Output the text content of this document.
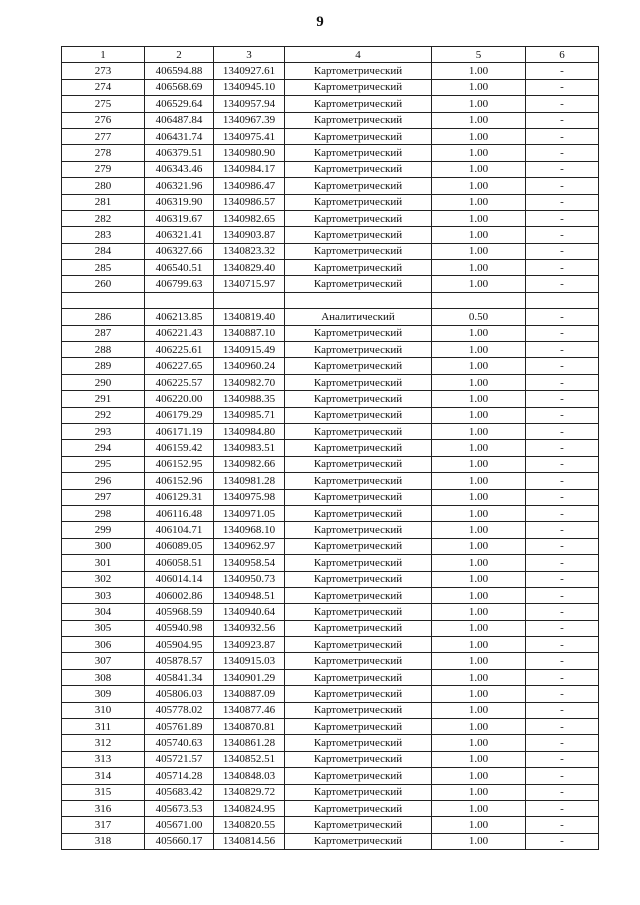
9
1	2	3	4	5	6
273	406594.88	1340927.61	Картометрический	1.00	-
274	406568.69	1340945.10	Картометрический	1.00	-
275	406529.64	1340957.94	Картометрический	1.00	-
276	406487.84	1340967.39	Картометрический	1.00	-
277	406431.74	1340975.41	Картометрический	1.00	-
278	406379.51	1340980.90	Картометрический	1.00	-
279	406343.46	1340984.17	Картометрический	1.00	-
280	406321.96	1340986.47	Картометрический	1.00	-
281	406319.90	1340986.57	Картометрический	1.00	-
282	406319.67	1340982.65	Картометрический	1.00	-
283	406321.41	1340903.87	Картометрический	1.00	-
284	406327.66	1340823.32	Картометрический	1.00	-
285	406540.51	1340829.40	Картометрический	1.00	-
260	406799.63	1340715.97	Картометрический	1.00	-

286	406213.85	1340819.40	Аналитический	0.50	-
287	406221.43	1340887.10	Картометрический	1.00	-
288	406225.61	1340915.49	Картометрический	1.00	-
289	406227.65	1340960.24	Картометрический	1.00	-
290	406225.57	1340982.70	Картометрический	1.00	-
291	406220.00	1340988.35	Картометрический	1.00	-
292	406179.29	1340985.71	Картометрический	1.00	-
293	406171.19	1340984.80	Картометрический	1.00	-
294	406159.42	1340983.51	Картометрический	1.00	-
295	406152.95	1340982.66	Картометрический	1.00	-
296	406152.96	1340981.28	Картометрический	1.00	-
297	406129.31	1340975.98	Картометрический	1.00	-
298	406116.48	1340971.05	Картометрический	1.00	-
299	406104.71	1340968.10	Картометрический	1.00	-
300	406089.05	1340962.97	Картометрический	1.00	-
301	406058.51	1340958.54	Картометрический	1.00	-
302	406014.14	1340950.73	Картометрический	1.00	-
303	406002.86	1340948.51	Картометрический	1.00	-
304	405968.59	1340940.64	Картометрический	1.00	-
305	405940.98	1340932.56	Картометрический	1.00	-
306	405904.95	1340923.87	Картометрический	1.00	-
307	405878.57	1340915.03	Картометрический	1.00	-
308	405841.34	1340901.29	Картометрический	1.00	-
309	405806.03	1340887.09	Картометрический	1.00	-
310	405778.02	1340877.46	Картометрический	1.00	-
311	405761.89	1340870.81	Картометрический	1.00	-
312	405740.63	1340861.28	Картометрический	1.00	-
313	405721.57	1340852.51	Картометрический	1.00	-
314	405714.28	1340848.03	Картометрический	1.00	-
315	405683.42	1340829.72	Картометрический	1.00	-
316	405673.53	1340824.95	Картометрический	1.00	-
317	405671.00	1340820.55	Картометрический	1.00	-
318	405660.17	1340814.56	Картометрический	1.00	-
